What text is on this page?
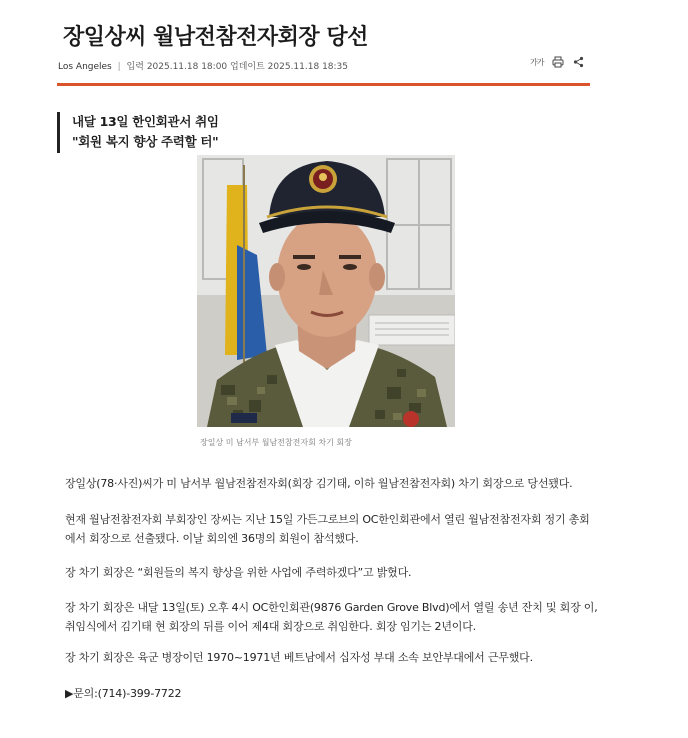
장일상씨 월남전참전자회장 당선
Los Angeles | 입력 2025.11.18 18:00 업데이트 2025.11.18 18:35	가가
내달 13일 한인회관서 취임
"회원 복지 향상 주력할 터"
장일상 미 남서부 월남전참전자회 차기 회장
장일상(78·사진)씨가 미 남서부 월남전참전자회(회장 김기태, 이하 월남전참전자회) 차기 회장으로 당선됐다.
현재 월남전참전자회 부회장인 장씨는 지난 15일 가든그로브의 OC한인회관에서 열린 월남전참전자회 정기 총회
에서 회장으로 선출됐다. 이날 회의엔 36명의 회원이 참석했다.
장 차기 회장은 “회원들의 복지 향상을 위한 사업에 주력하겠다”고 밝혔다.
장 차기 회장은 내달 13일(토) 오후 4시 OC한인회관(9876 Garden Grove Blvd)에서 열릴 송년 잔치 및 회장 이,
취임식에서 김기태 현 회장의 뒤를 이어 제4대 회장으로 취임한다. 회장 임기는 2년이다.
장 차기 회장은 육군 병장이던 1970~1971년 베트남에서 십자성 부대 소속 보안부대에서 근무했다.
▶문의:(714)-399-7722
